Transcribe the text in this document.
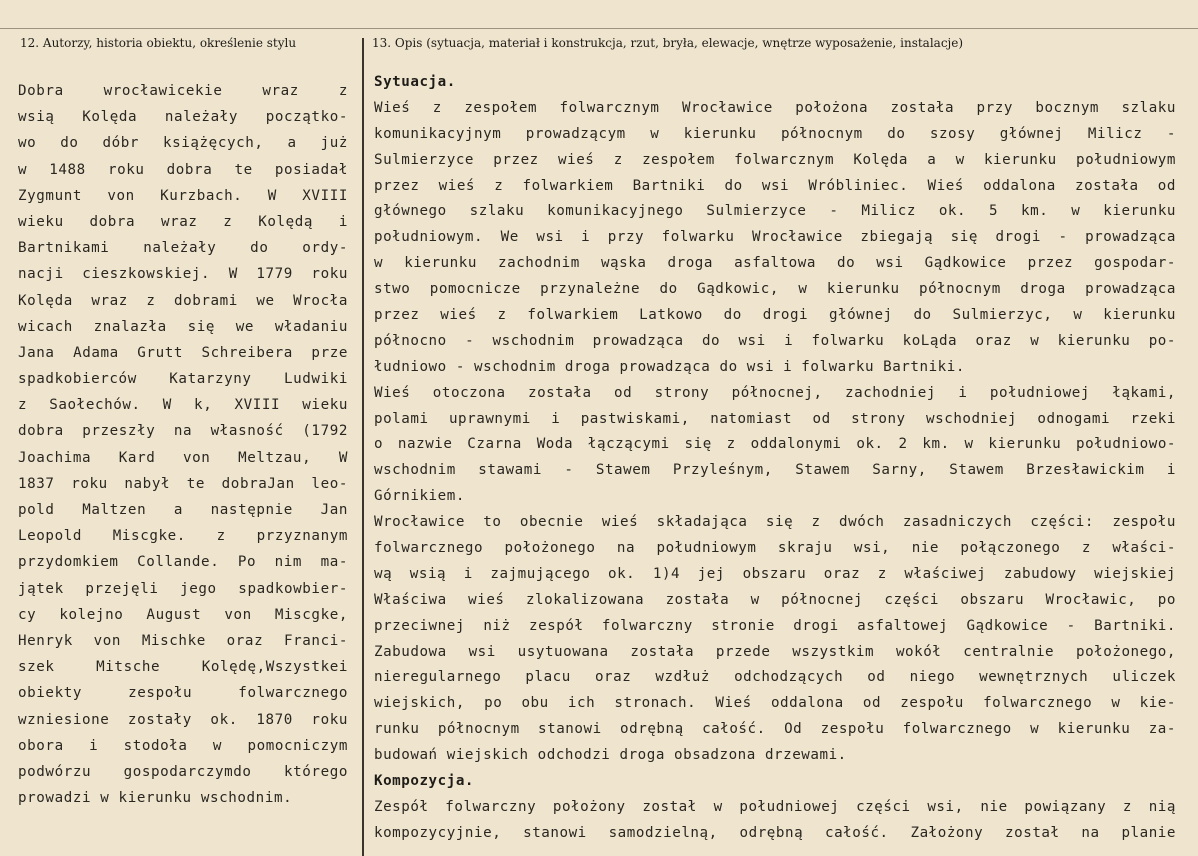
12. Autorzy, historia obiektu, określenie stylu	13. Opis (sytuacja, materiał i konstrukcja, rzut, bryła, elewacje, wnętrze wyposażenie, instalacje)
Dobra wrocławicekie wraz z
wsią Kolęda należały początko-
wo do dóbr książęcych, a już
w 1488 roku dobra te posiadał
Zygmunt von Kurzbach. W XVIII
wieku dobra wraz z Kolędą i
Bartnikami należały do ordy-
nacji cieszkowskiej. W 1779 roku
Kolęda wraz z dobrami we Wrocła
wicach znalazła się we władaniu
Jana Adama Grutt Schreibera prze
spadkobierców Katarzyny Ludwiki
z Saołechów. W k, XVIII wieku
dobra przeszły na własność (1792
Joachima Kard von Meltzau, W
1837 roku nabył te dobraJan leo-
pold Maltzen a następnie Jan
Leopold Miscgke. z przyznanym
przydomkiem Collande. Po nim ma-
jątek przejęli jego spadkowbier-
cy kolejno August von Miscgke,
Henryk von Mischke oraz Franci-
szek Mitsche Kolędę,Wszystkei
obiekty zespołu folwarcznego
wzniesione zostały ok. 1870 roku
obora i stodoła w pomocniczym
podwórzu gospodarczymdo którego
prowadzi w kierunku wschodnim.
Sytuacja.
Wieś z zespołem folwarcznym Wrocławice położona została przy bocznym szlaku
komunikacyjnym prowadzącym w kierunku północnym do szosy głównej Milicz -
Sulmierzyce przez wieś z zespołem folwarcznym Kolęda a w kierunku południowym
przez wieś z folwarkiem Bartniki do wsi Wróbliniec. Wieś oddalona została od
głównego szlaku komunikacyjnego Sulmierzyce - Milicz ok. 5 km. w kierunku
południowym. We wsi i przy folwarku Wrocławice zbiegają się drogi - prowadząca
w kierunku zachodnim wąska droga asfaltowa do wsi Gądkowice przez gospodar-
stwo pomocnicze przynależne do Gądkowic, w kierunku północnym droga prowadząca
przez wieś z folwarkiem Latkowo do drogi głównej do Sulmierzyc, w kierunku
północno - wschodnim prowadząca do wsi i folwarku koLąda oraz w kierunku po-
łudniowo - wschodnim droga prowadząca do wsi i folwarku Bartniki.
Wieś otoczona została od strony północnej, zachodniej i południowej łąkami,
polami uprawnymi i pastwiskami, natomiast od strony wschodniej odnogami rzeki
o nazwie Czarna Woda łączącymi się z oddalonymi ok. 2 km. w kierunku południowo-
wschodnim stawami - Stawem Przyleśnym, Stawem Sarny, Stawem Brzesławickim i
Górnikiem.
Wrocławice to obecnie wieś składająca się z dwóch zasadniczych części: zespołu
folwarcznego położonego na południowym skraju wsi, nie połączonego z właści-
wą wsią i zajmującego ok. 1)4 jej obszaru oraz z właściwej zabudowy wiejskiej
Właściwa wieś zlokalizowana została w północnej części obszaru Wrocławic, po
przeciwnej niż zespół folwarczny stronie drogi asfaltowej Gądkowice - Bartniki.
Zabudowa wsi usytuowana została przede wszystkim wokół centralnie położonego,
nieregularnego placu oraz wzdłuż odchodzących od niego wewnętrznych uliczek
wiejskich, po obu ich stronach. Wieś oddalona od zespołu folwarcznego w kie-
runku północnym stanowi odrębną całość. Od zespołu folwarcznego w kierunku za-
budowań wiejskich odchodzi droga obsadzona drzewami.
Kompozycja.
Zespół folwarczny położony został w południowej części wsi, nie powiązany z nią
kompozycyjnie, stanowi samodzielną, odrębną całość. Założony został na planie
